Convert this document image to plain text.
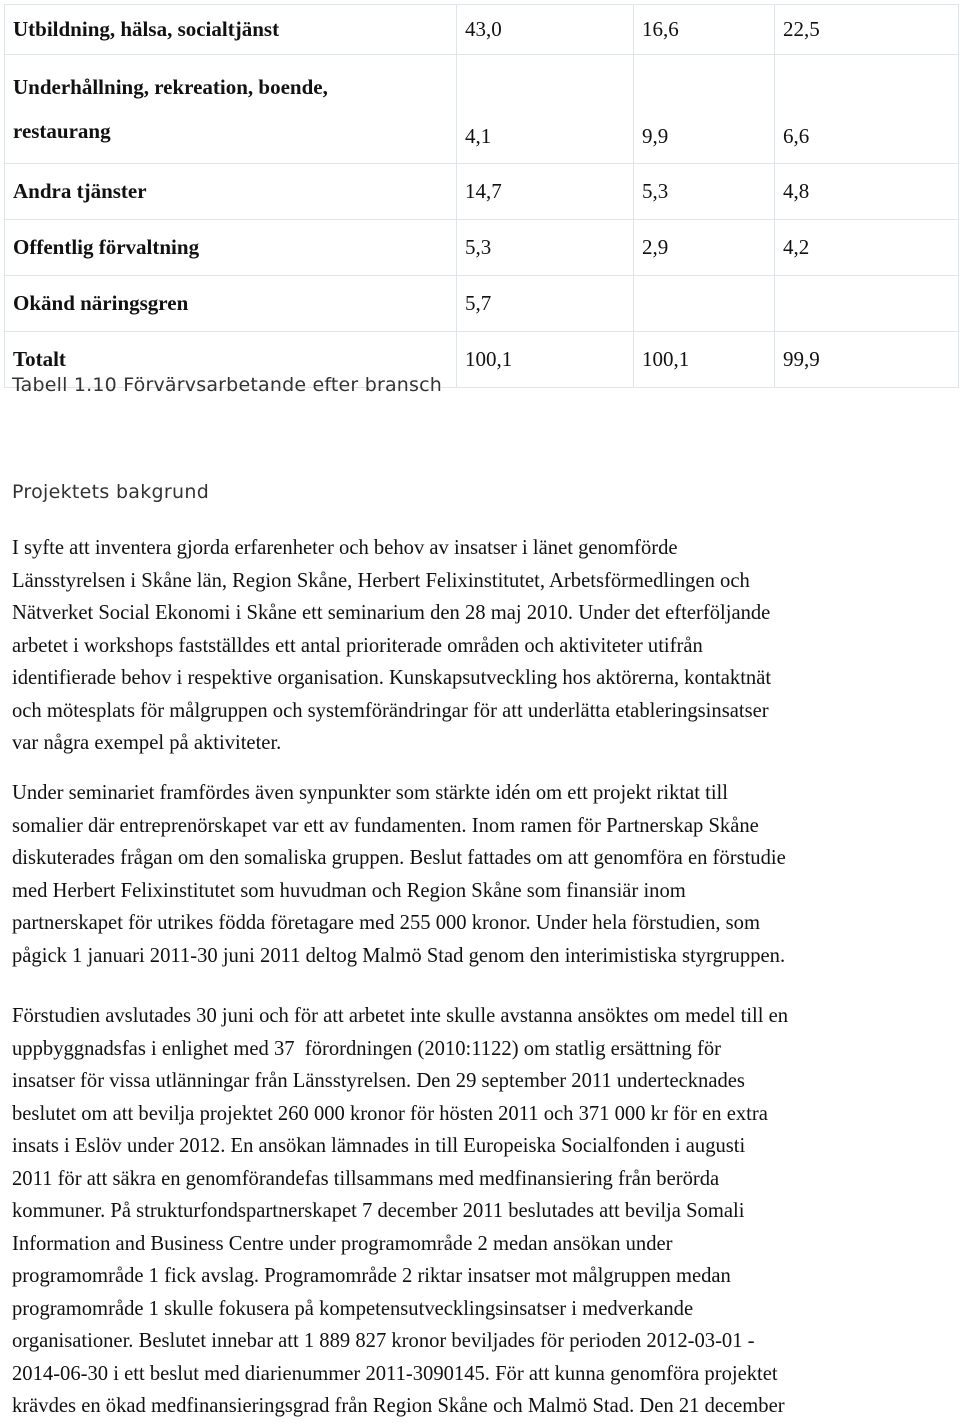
Utbildning, hälsa, socialtjänst	43,0	16,6	22,5

Underhållning, rekreation, boende, restaurang	4,1	9,9	6,6
Andra tjänster	14,7	5,3	4,8
Offentlig förvaltning	5,3	2,9	4,2
Okänd näringsgren	5,7		
Totalt	100,1	100,1	99,9
Tabell 1.10 Förvärvsarbetande efter bransch
Projektets bakgrund

I syfte att inventera gjorda erfarenheter och behov av insatser i länet genomförde
Länsstyrelsen i Skåne län, Region Skåne, Herbert Felixinstitutet, Arbetsförmedlingen och
Nätverket Social Ekonomi i Skåne ett seminarium den 28 maj 2010. Under det efterföljande
arbetet i workshops fastställdes ett antal prioriterade områden och aktiviteter utifrån
identifierade behov i respektive organisation. Kunskapsutveckling hos aktörerna, kontaktnät
och mötesplats för målgruppen och systemförändringar för att underlätta etableringsinsatser
var några exempel på aktiviteter.

Under seminariet framfördes även synpunkter som stärkte idén om ett projekt riktat till
somalier där entreprenörskapet var ett av fundamenten. Inom ramen för Partnerskap Skåne
diskuterades frågan om den somaliska gruppen. Beslut fattades om att genomföra en förstudie
med Herbert Felixinstitutet som huvudman och Region Skåne som finansiär inom
partnerskapet för utrikes födda företagare med 255 000 kronor. Under hela förstudien, som
pågick 1 januari 2011-30 juni 2011 deltog Malmö Stad genom den interimistiska styrgruppen.

Förstudien avslutades 30 juni och för att arbetet inte skulle avstanna ansöktes om medel till en
uppbyggnadsfas i enlighet med 37  förordningen (2010:1122) om statlig ersättning för
insatser för vissa utlänningar från Länsstyrelsen. Den 29 september 2011 undertecknades
beslutet om att bevilja projektet 260 000 kronor för hösten 2011 och 371 000 kr för en extra
insats i Eslöv under 2012. En ansökan lämnades in till Europeiska Socialfonden i augusti
2011 för att säkra en genomförandefas tillsammans med medfinansiering från berörda
kommuner. På strukturfondspartnerskapet 7 december 2011 beslutades att bevilja Somali
Information and Business Centre under programområde 2 medan ansökan under
programområde 1 fick avslag. Programområde 2 riktar insatser mot målgruppen medan
programområde 1 skulle fokusera på kompetensutvecklingsinsatser i medverkande
organisationer. Beslutet innebar att 1 889 827 kronor beviljades för perioden 2012-03-01 -
2014-06-30 i ett beslut med diarienummer 2011-3090145. För att kunna genomföra projektet
krävdes en ökad medfinansieringsgrad från Region Skåne och Malmö Stad. Den 21 december
